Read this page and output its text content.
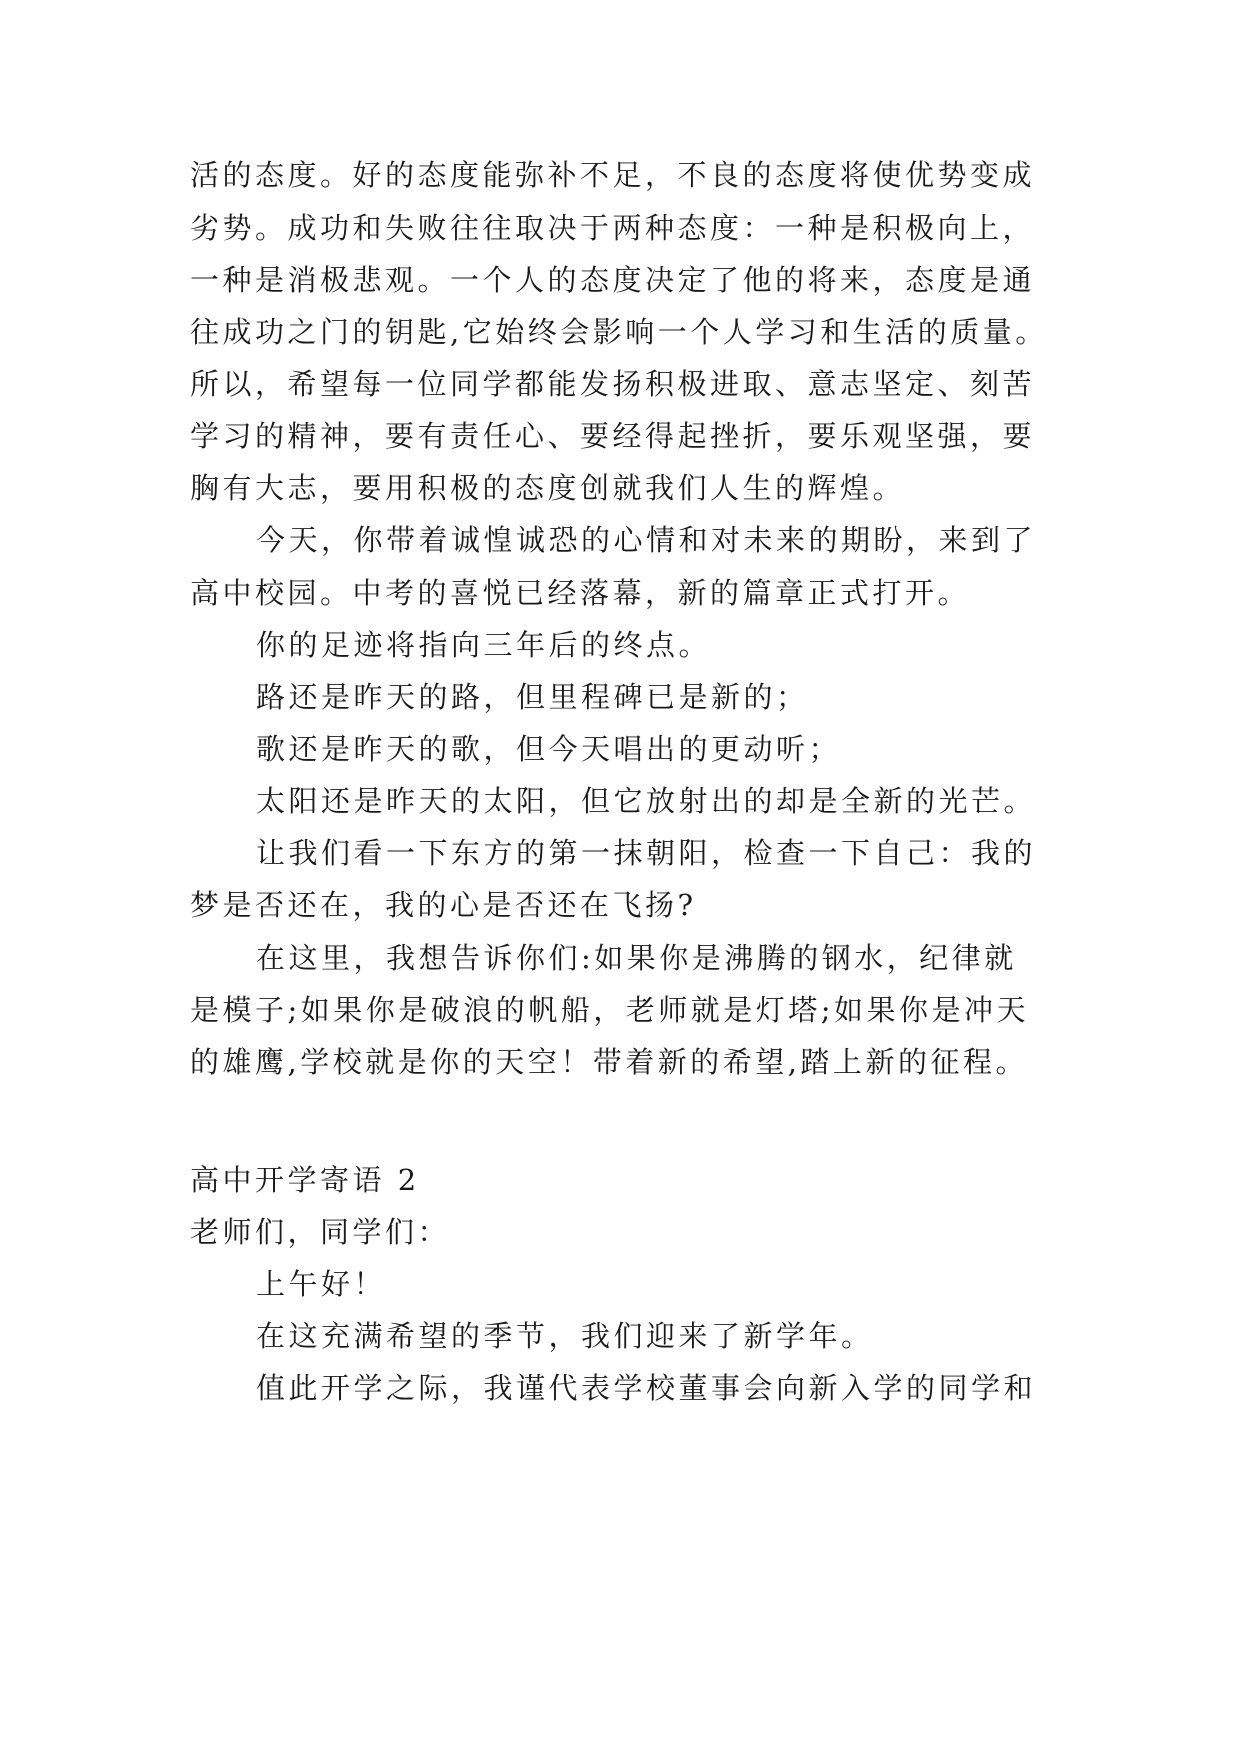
活的态度。好的态度能弥补不足，不良的态度将使优势变成
劣势。成功和失败往往取决于两种态度：一种是积极向上，
一种是消极悲观。一个人的态度决定了他的将来，态度是通
往成功之门的钥匙,它始终会影响一个人学习和生活的质量。
所以，希望每一位同学都能发扬积极进取、意志坚定、刻苦
学习的精神，要有责任心、要经得起挫折，要乐观坚强，要
胸有大志，要用积极的态度创就我们人生的辉煌。
今天，你带着诚惶诚恐的心情和对未来的期盼，来到了
高中校园。中考的喜悦已经落幕，新的篇章正式打开。
你的足迹将指向三年后的终点。
路还是昨天的路，但里程碑已是新的；
歌还是昨天的歌，但今天唱出的更动听；
太阳还是昨天的太阳，但它放射出的却是全新的光芒。
让我们看一下东方的第一抹朝阳，检查一下自己：我的
梦是否还在，我的心是否还在飞扬?
在这里，我想告诉你们:如果你是沸腾的钢水，纪律就
是模子;如果你是破浪的帆船，老师就是灯塔;如果你是冲天
的雄鹰,学校就是你的天空！带着新的希望,踏上新的征程。
高中开学寄语 2
老师们，同学们：
上午好！
在这充满希望的季节，我们迎来了新学年。
值此开学之际，我谨代表学校董事会向新入学的同学和
